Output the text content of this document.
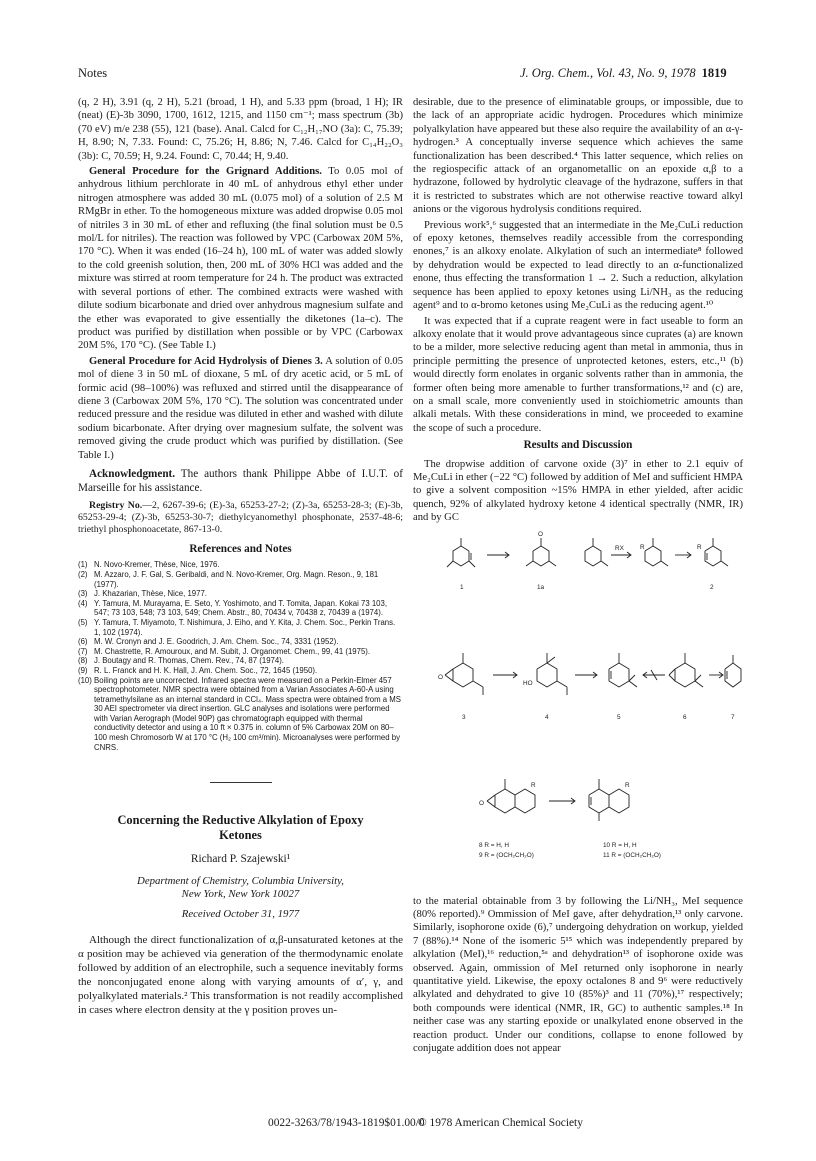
Notes	J. Org. Chem., Vol. 43, No. 9, 1978 1819

(q, 2 H), 3.91 (q, 2 H), 5.21 (broad, 1 H), and 5.33 ppm (broad, 1 H); IR (neat) (E)-3b 3090, 1700, 1612, 1215, and 1150 cm⁻¹; mass spectrum (3b) (70 eV) m/e 238 (55), 121 (base). Anal. Calcd for C₁₂H₁₇NO (3a): C, 75.39; H, 8.90; N, 7.33. Found: C, 75.26; H, 8.86; N, 7.46. Calcd for C₁₄H₂₂O₃ (3b): C, 70.59; H, 9.24. Found: C, 70.44; H, 9.40.

General Procedure for the Grignard Additions. To 0.05 mol of anhydrous lithium perchlorate in 40 mL of anhydrous ethyl ether under nitrogen atmosphere was added 30 mL (0.075 mol) of a solution of 2.5 M RMgBr in ether. To the homogeneous mixture was added dropwise 0.05 mol of nitriles 3 in 30 mL of ether and refluxing (the final solution must be 0.5 mol/L for nitriles). The reaction was followed by VPC (Carbowax 20M 5%, 170 °C). When it was ended (16–24 h), 100 mL of water was added slowly to the cold greenish solution, then, 200 mL of 30% HCl was added and the mixture was stirred at room temperature for 24 h. The product was extracted with several portions of ether. The combined extracts were washed with dilute sodium bicarbonate and dried over anhydrous magnesium sulfate and the ether was evaporated to give essentially the diketones (1a–c). The product was purified by distillation when possible or by VPC (Carbowax 20M 5%, 170 °C). (See Table I.)

General Procedure for Acid Hydrolysis of Dienes 3. A solution of 0.05 mol of diene 3 in 50 mL of dioxane, 5 mL of dry acetic acid, or 5 mL of formic acid (98–100%) was refluxed and stirred until the disappearance of diene 3 (Carbowax 20M 5%, 170 °C). The solution was concentrated under reduced pressure and the residue was diluted in ether and washed with dilute sodium bicarbonate. After drying over magnesium sulfate, the solvent was removed giving the crude product which was purified by distillation. (See Table I.)

Acknowledgment. The authors thank Philippe Abbe of I.U.T. of Marseille for his assistance.

Registry No.—2, 6267-39-6; (E)-3a, 65253-27-2; (Z)-3a, 65253-28-3; (E)-3b, 65253-29-4; (Z)-3b, 65253-30-7; diethylcyanomethyl phosphonate, 2537-48-6; triethyl phosphonoacetate, 867-13-0.

References and Notes
(1) N. Novo-Kremer, Thèse, Nice, 1976.
(2) M. Azzaro, J. F. Gal, S. Geribaldi, and N. Novo-Kremer, Org. Magn. Reson., 9, 181 (1977).
(3) J. Khazarian, Thèse, Nice, 1977.
(4) Y. Tamura, M. Murayama, E. Seto, Y. Yoshimoto, and T. Tomita, Japan. Kokai 73 103, 547; 73 103, 548; 73 103, 549; Chem. Abstr., 80, 70434 v, 70438 z, 70439 a (1974).
(5) Y. Tamura, T. Miyamoto, T. Nishimura, J. Eiho, and Y. Kita, J. Chem. Soc., Perkin Trans. 1, 102 (1974).
(6) M. W. Cronyn and J. E. Goodrich, J. Am. Chem. Soc., 74, 3331 (1952).
(7) M. Chastrette, R. Amouroux, and M. Subit, J. Organomet. Chem., 99, 41 (1975).
(8) J. Boutagy and R. Thomas, Chem. Rev., 74, 87 (1974).
(9) R. L. Franck and H. K. Hall, J. Am. Chem. Soc., 72, 1645 (1950).
(10) Boiling points are uncorrected. Infrared spectra were measured on a Perkin-Elmer 457 spectrophotometer. NMR spectra were obtained from a Varian Associates A-60-A using tetramethylsilane as an internal standard in CCl₄. Mass spectra were obtained from a MS 30 AEI spectrometer via direct insertion. GLC analyses and isolations were performed with Varian Aerograph (Model 90P) gas chromatograph equipped with thermal conductivity detector and using a 10 ft × 0.375 in. column of 5% Carbowax 20M on 80–100 mesh Chromosorb W at 170 °C (H₂ 100 cm³/min). Microanalyses were performed by CNRS.
Concerning the Reductive Alkylation of Epoxy Ketones
Richard P. Szajewski¹
Department of Chemistry, Columbia University,
New York, New York 10027
Received October 31, 1977

Although the direct functionalization of α,β-unsaturated ketones at the α position may be achieved via generation of the thermodynamic enolate followed by addition of an electrophile, such a sequence inevitably forms the nonconjugated enone along with varying amounts of α′, γ, and polyalkylated materials.² This transformation is not readily accomplished in cases where electron density at the γ position proves un-

desirable, due to the presence of eliminatable groups, or impossible, due to the lack of an appropriate acidic hydrogen. Procedures which minimize polyalkylation have appeared but these also require the availability of an α-γ-hydrogen.³ A conceptually inverse sequence which achieves the same functionalization has been described.⁴ This latter sequence, which relies on the regiospecific attack of an organometallic on an epoxide α,β to a hydrazone, followed by hydrolytic cleavage of the hydrazone, suffers in that it is restricted to substrates which are not otherwise reactive toward alkyl anions or the vigorous hydrolysis conditions required.

Previous work⁵,⁶ suggested that an intermediate in the Me₂CuLi reduction of epoxy ketones, themselves readily accessible from the corresponding enones,⁷ is an alkoxy enolate. Alkylation of such an intermediate⁸ followed by dehydration would be expected to lead directly to an α-functionalized enone, thus effecting the transformation 1 → 2. Such a reduction, alkylation sequence has been applied to epoxy ketones using Li/NH₃ as the reducing agent⁹ and to α-bromo ketones using Me₂CuLi as the reducing agent.¹⁰

It was expected that if a cuprate reagent were in fact useable to form an alkoxy enolate that it would prove advantageous since cuprates (a) are known to be a milder, more selective reducing agent than metal in ammonia, thus in principle permitting the presence of unprotected ketones, esters, etc.,¹¹ (b) would directly form enolates in organic solvents rather than in ammonia, the former often being more amenable to further transformations,¹² and (c) are, on a small scale, more conveniently used in stoichiometric amounts than alkali metals. With these considerations in mind, we proceeded to examine the scope of such a procedure.

Results and Discussion

The dropwise addition of carvone oxide (3)⁷ in ether to 2.1 equiv of Me₂CuLi in ether (−22 °C) followed by addition of MeI and sufficient HMPA to give a solvent composition ~15% HMPA in ether yielded, after acidic quench, 92% of alkylated hydroxy ketone 4 identical spectrally (NMR, IR) and by GC

1
O
1a
RX	R	R
2
O
3
HO
4	5	6	7
O
R	R
8 R = H, H
9 R = (OCH₂CH₂O)
10 R = H, H
11 R = (OCH₂CH₂O)

to the material obtainable from 3 by following the Li/NH₃, MeI sequence (80% reported).⁹ Ommission of MeI gave, after dehydration,¹³ only carvone. Similarly, isophorone oxide (6),⁷ undergoing dehydration on workup, yielded 7 (88%).¹⁴ None of the isomeric 5¹⁵ which was independently prepared by alkylation (MeI),¹⁶ reduction,⁵ᵃ and dehydration¹³ of isophorone oxide was observed. Again, ommission of MeI returned only isophorone in nearly quantitative yield. Likewise, the epoxy octalones 8 and 9⁶ were reductively alkylated and dehydrated to give 10 (85%)³ and 11 (70%),¹⁷ respectively; both compounds were identical (NMR, IR, GC) to authentic samples.¹⁸ In neither case was any starting epoxide or unalkylated enone observed in the reaction product. Under our conditions, collapse to enone followed by conjugate addition does not appear

0022-3263/78/1943-1819$01.00/0
© 1978 American Chemical Society
